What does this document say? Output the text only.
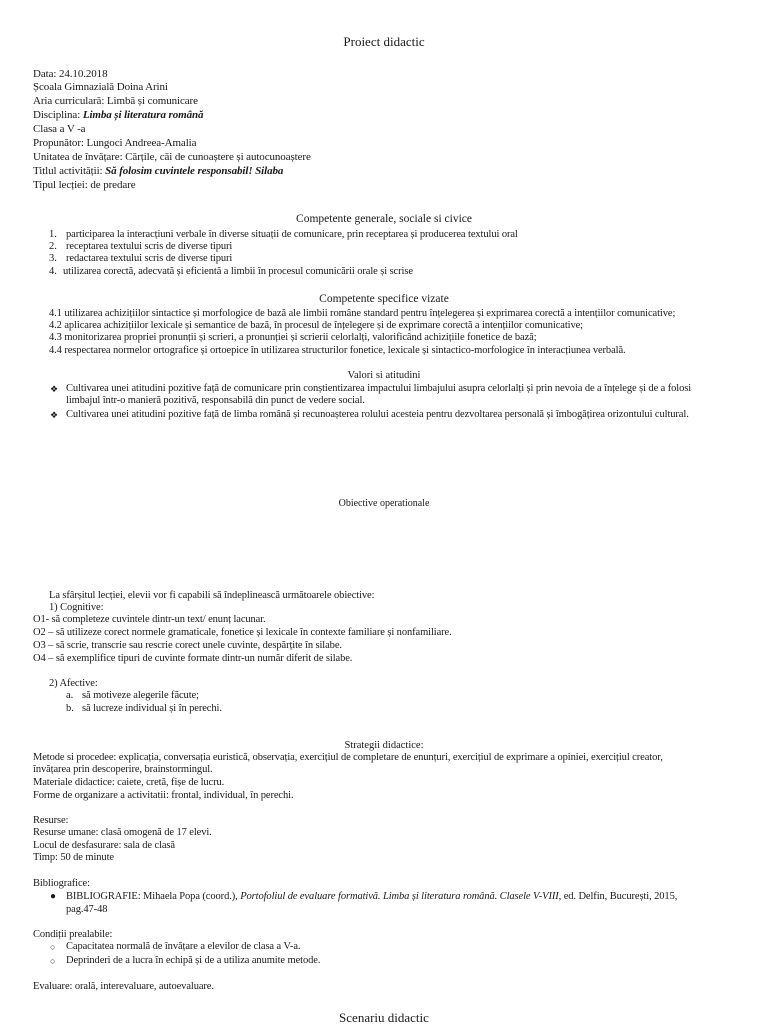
Proiect didactic
Data: 24.10.2018
Școala Gimnazială Doina Arini
Aria curriculară: Limbă și comunicare
Disciplina: Limba și literatura română
Clasa a V -a
Propunător: Lungoci Andreea-Amalia
Unitatea de învățare: Cărțile, căi de cunoaștere și autocunoaștere
Titlul activității: Să folosim cuvintele responsabil! Silaba
Tipul lecției: de predare
Competente generale, sociale si civice
1. participarea la interacțiuni verbale în diverse situații de comunicare, prin receptarea și producerea textului oral
2. receptarea textului scris de diverse tipuri
3. redactarea textului scris de diverse tipuri
4. utilizarea corectă, adecvată și eficientă a limbii în procesul comunicării orale și scrise
Competente specifice vizate
4.1 utilizarea achizițiilor sintactice și morfologice de bază ale limbii române standard pentru înțelegerea și exprimarea corectă a intențiilor comunicative;
4.2 aplicarea achizițiilor lexicale și semantice de bază, în procesul de înțelegere și de exprimare corectă a intențiilor comunicative;
4.3 monitorizarea propriei pronunții și scrieri, a pronunției și scrierii celorlalți, valorificând achizițiile fonetice de bază;
4.4 respectarea normelor ortografice și ortoepice în utilizarea structurilor fonetice, lexicale și sintactico-morfologice în interacțiunea verbală.
Valori si atitudini
❖ Cultivarea unei atitudini pozitive față de comunicare prin conștientizarea impactului limbajului asupra celorlalți și prin nevoia de a înțelege și de a folosi
limbajul într-o manieră pozitivă, responsabilă din punct de vedere social.
❖ Cultivarea unei atitudini pozitive față de limba română și recunoașterea rolului acesteia pentru dezvoltarea personală și îmbogățirea orizontului cultural.
Obiective operationale
La sfârșitul lecției, elevii vor fi capabili să îndeplinească următoarele obiective:
1) Cognitive:
O1- să completeze cuvintele dintr-un text/ enunț lacunar.
O2 – să utilizeze corect normele gramaticale, fonetice și lexicale în contexte familiare și nonfamiliare.
O3 – să scrie, transcrie sau rescrie corect unele cuvinte, despărțite în silabe.
O4 – să exemplifice tipuri de cuvinte formate dintr-un număr diferit de silabe.
2) Afective:
a. să motiveze alegerile făcute;
b. să lucreze individual și în perechi.
Strategii didactice:
Metode si procedee: explicația, conversația euristică, observația, exercițiul de completare de enunțuri, exercițiul de exprimare a opiniei, exercițiul creator,
învățarea prin descoperire, brainstormingul.
Materiale didactice: caiete, cretă, fișe de lucru.
Forme de organizare a activitatii: frontal, individual, în perechi.
Resurse:
Resurse umane: clasă omogenă de 17 elevi.
Locul de desfasurare: sala de clasă
Timp: 50 de minute
Bibliografice:
● BIBLIOGRAFIE: Mihaela Popa (coord.), Portofoliul de evaluare formativă. Limba și literatura română. Clasele V-VIII, ed. Delfin, București, 2015,
pag.47-48
Condiții prealabile:
○ Capacitatea normală de învățare a elevilor de clasa a V-a.
○ Deprinderi de a lucra în echipă și de a utiliza anumite metode.
Evaluare: orală, interevaluare, autoevaluare.
Scenariu didactic
